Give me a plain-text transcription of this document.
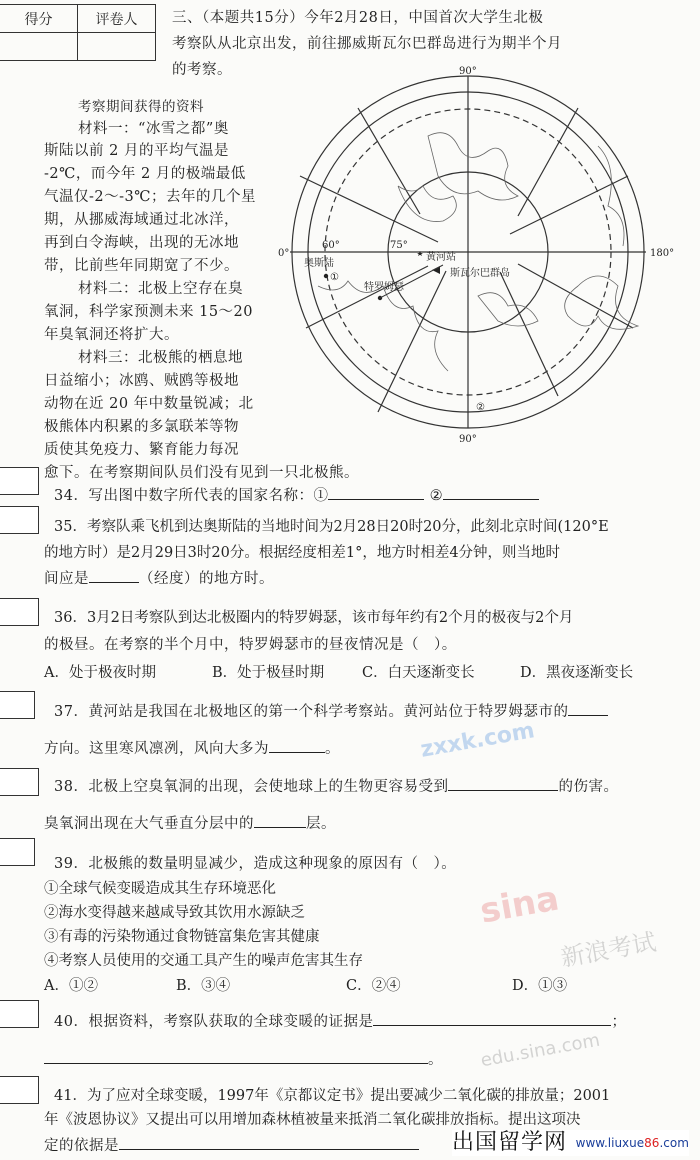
zxxk.com
sina
新浪考试
edu.sina.com
得分	评卷人
	三、（本题共15分）今年2月28日，中国首次大学生北极
考察队从北京出发，前往挪威斯瓦尔巴群岛进行为期半个月
的考察。
考察期间获得的资料
材料一：“冰雪之都”奥
斯陆以前 2 月的平均气温是
-2℃，而今年 2 月的极端最低
气温仅-2～-3℃；去年的几个星
期，从挪威海域通过北冰洋，
再到白令海峡，出现的无冰地
带，比前些年同期宽了不少。
材料二：北极上空存在臭
氧洞，科学家预测未来 15～20
年臭氧洞还将扩大。
材料三：北极熊的栖息地
日益缩小；冰鸥、贼鸥等极地
动物在近 20 年中数量锐减；北
极熊体内积累的多氯联苯等物
质使其免疫力、繁育能力每况
愈下。在考察期间队员们没有见到一只北极熊。
90°
90°
0°	180°
60°	75°
奥斯陆
①
特罗姆瑟
黄河站
斯瓦尔巴群岛
②
34．写出图中数字所代表的国家名称：①	②
35．考察队乘飞机到达奥斯陆的当地时间为2月28日20时20分，此刻北京时间(120°E
的地方时）是2月29日3时20分。根据经度相差1°，地方时相差4分钟，则当地时
间应是	（经度）的地方时。
36．3月2日考察队到达北极圈内的特罗姆瑟，该市每年约有2个月的极夜与2个月
的极昼。在考察的半个月中，特罗姆瑟市的昼夜情况是（　）。
A．处于极夜时期	B．处于极昼时期	C．白天逐渐变长	D．黑夜逐渐变长
37．黄河站是我国在北极地区的第一个科学考察站。黄河站位于特罗姆瑟市的
方向。这里寒风凛冽，风向大多为	。
38．北极上空臭氧洞的出现，会使地球上的生物更容易受到	的伤害。
臭氧洞出现在大气垂直分层中的	层。
39．北极熊的数量明显减少，造成这种现象的原因有（　）。
①全球气候变暖造成其生存环境恶化
②海水变得越来越咸导致其饮用水源缺乏
③有毒的污染物通过食物链富集危害其健康
④考察人员使用的交通工具产生的噪声危害其生存
A．①②	B．③④	C．②④	D．①③
40．根据资料，考察队获取的全球变暖的证据是	；
。
41．为了应对全球变暖，1997年《京都议定书》提出要减少二氧化碳的排放量；2001
年《波恩协议》又提出可以用增加森林植被量来抵消二氧化碳排放指标。提出这项决
定的依据是	出国留学网 www.liuxue86.com
